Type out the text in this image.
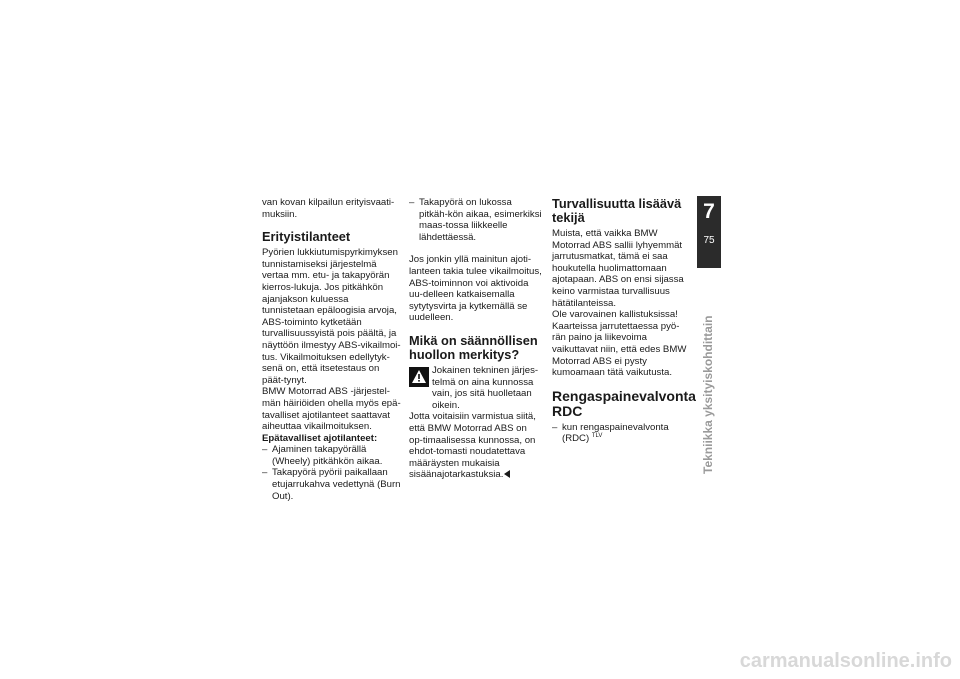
van kovan kilpailun erityisvaati-muksiin.

Erityistilanteet

Pyörien lukkiutumispyrkimyksen tunnistamiseksi järjestelmä vertaa mm. etu- ja takapyörän kierros-lukuja. Jos pitkähkön ajanjakson kuluessa tunnistetaan epäloogisia arvoja, ABS-toiminto kytketään turvallisuussyistä pois päältä, ja näyttöön ilmestyy ABS-vikailmoi-tus. Vikailmoituksen edellytyk-senä on, että itsetestaus on päät-tynyt.

BMW Motorrad ABS -järjestel-män häiriöiden ohella myös epä-tavalliset ajotilanteet saattavat aiheuttaa vikailmoituksen.

Epätavalliset ajotilanteet:

– Ajaminen takapyörällä (Wheely) pitkähkön aikaa.
– Takapyörä pyörii paikallaan etujarrukahva vedettynä (Burn Out).
– Takapyörä on lukossa pitkäh-kön aikaa, esimerkiksi maas-tossa liikkeelle lähdettäessä.

Jos jonkin yllä mainitun ajoti-lanteen takia tulee vikailmoitus, ABS-toiminnon voi aktivoida uu-delleen katkaisemalla sytytysvirta ja kytkemällä se uudelleen.

Mikä on säännöllisen huollon merkitys?

Jokainen tekninen järjes-telmä on aina kunnossa vain, jos sitä huolletaan oikein.

Jotta voitaisiin varmistua siitä, että BMW Motorrad ABS on op-timaalisessa kunnossa, on ehdot-tomasti noudatettava määräysten mukaisia sisäänajotarkastuksia.

Turvallisuutta lisäävä tekijä

Muista, että vaikka BMW Motorrad ABS sallii lyhyemmät jarrutusmatkat, tämä ei saa houkutella huolimattomaan ajotapaan. ABS on ensi sijassa keino varmistaa turvallisuus hätätilanteissa.

Ole varovainen kallistuksissa! Kaarteissa jarrutettaessa pyö-rän paino ja liikevoima vaikuttavat niin, että edes BMW Motorrad ABS ei pysty kumoamaan tätä vaikutusta.

Rengaspainevalvonta RDC
– kun rengaspainevalvonta (RDC) $^{TLV}$
7
75
Tekniikka yksityiskohdittain
carmanualsonline.info
